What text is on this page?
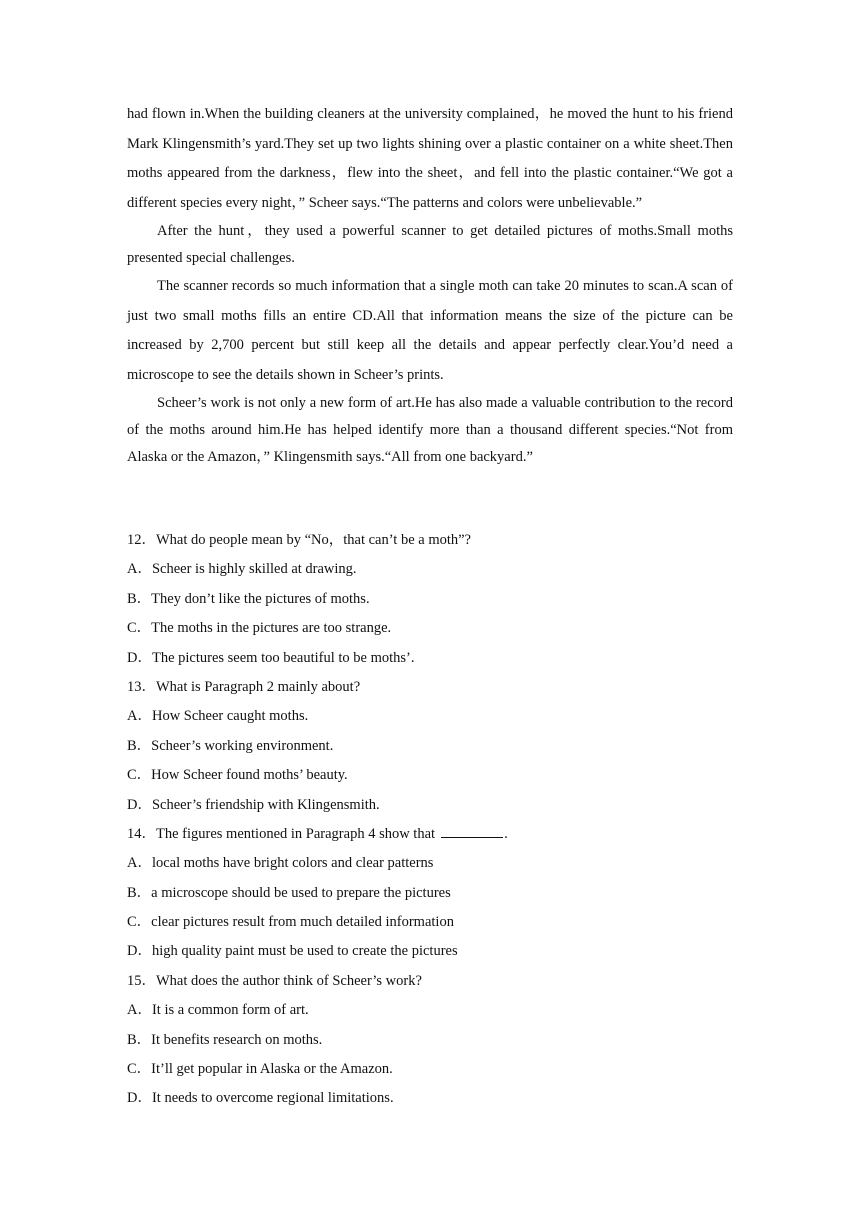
had flown in.When the building cleaners at the university complained，he moved the hunt to his friend Mark Klingensmith’s yard.They set up two lights shining over a plastic container on a white sheet.Then moths appeared from the darkness，flew into the sheet，and fell into the plastic container.“We got a different species every night，” Scheer says.“The patterns and colors were unbelievable.”

After the hunt，they used a powerful scanner to get detailed pictures of moths.Small moths presented special challenges.

The scanner records so much information that a single moth can take 20 minutes to scan.A scan of just two small moths fills an entire CD.All that information means the size of the picture can be increased by 2,700 percent but still keep all the details and appear perfectly clear.You’d need a microscope to see the details shown in Scheer’s prints.

Scheer’s work is not only a new form of art.He has also made a valuable contribution to the record of the moths around him.He has helped identify more than a thousand different species.“Not from Alaska or the Amazon，” Klingensmith says.“All from one backyard.”

12．What do people mean by “No，that can’t be a moth”?
A．Scheer is highly skilled at drawing.
B．They don’t like the pictures of moths.
C．The moths in the pictures are too strange.
D．The pictures seem too beautiful to be moths’.
13．What is Paragraph 2 mainly about?
A．How Scheer caught moths.
B．Scheer’s working environment.
C．How Scheer found moths’ beauty.
D．Scheer’s friendship with Klingensmith.
14．The figures mentioned in Paragraph 4 show that	.
A．local moths have bright colors and clear patterns
B．a microscope should be used to prepare the pictures
C．clear pictures result from much detailed information
D．high quality paint must be used to create the pictures
15．What does the author think of Scheer’s work?
A．It is a common form of art.
B．It benefits research on moths.
C．It’ll get popular in Alaska or the Amazon.
D．It needs to overcome regional limitations.
